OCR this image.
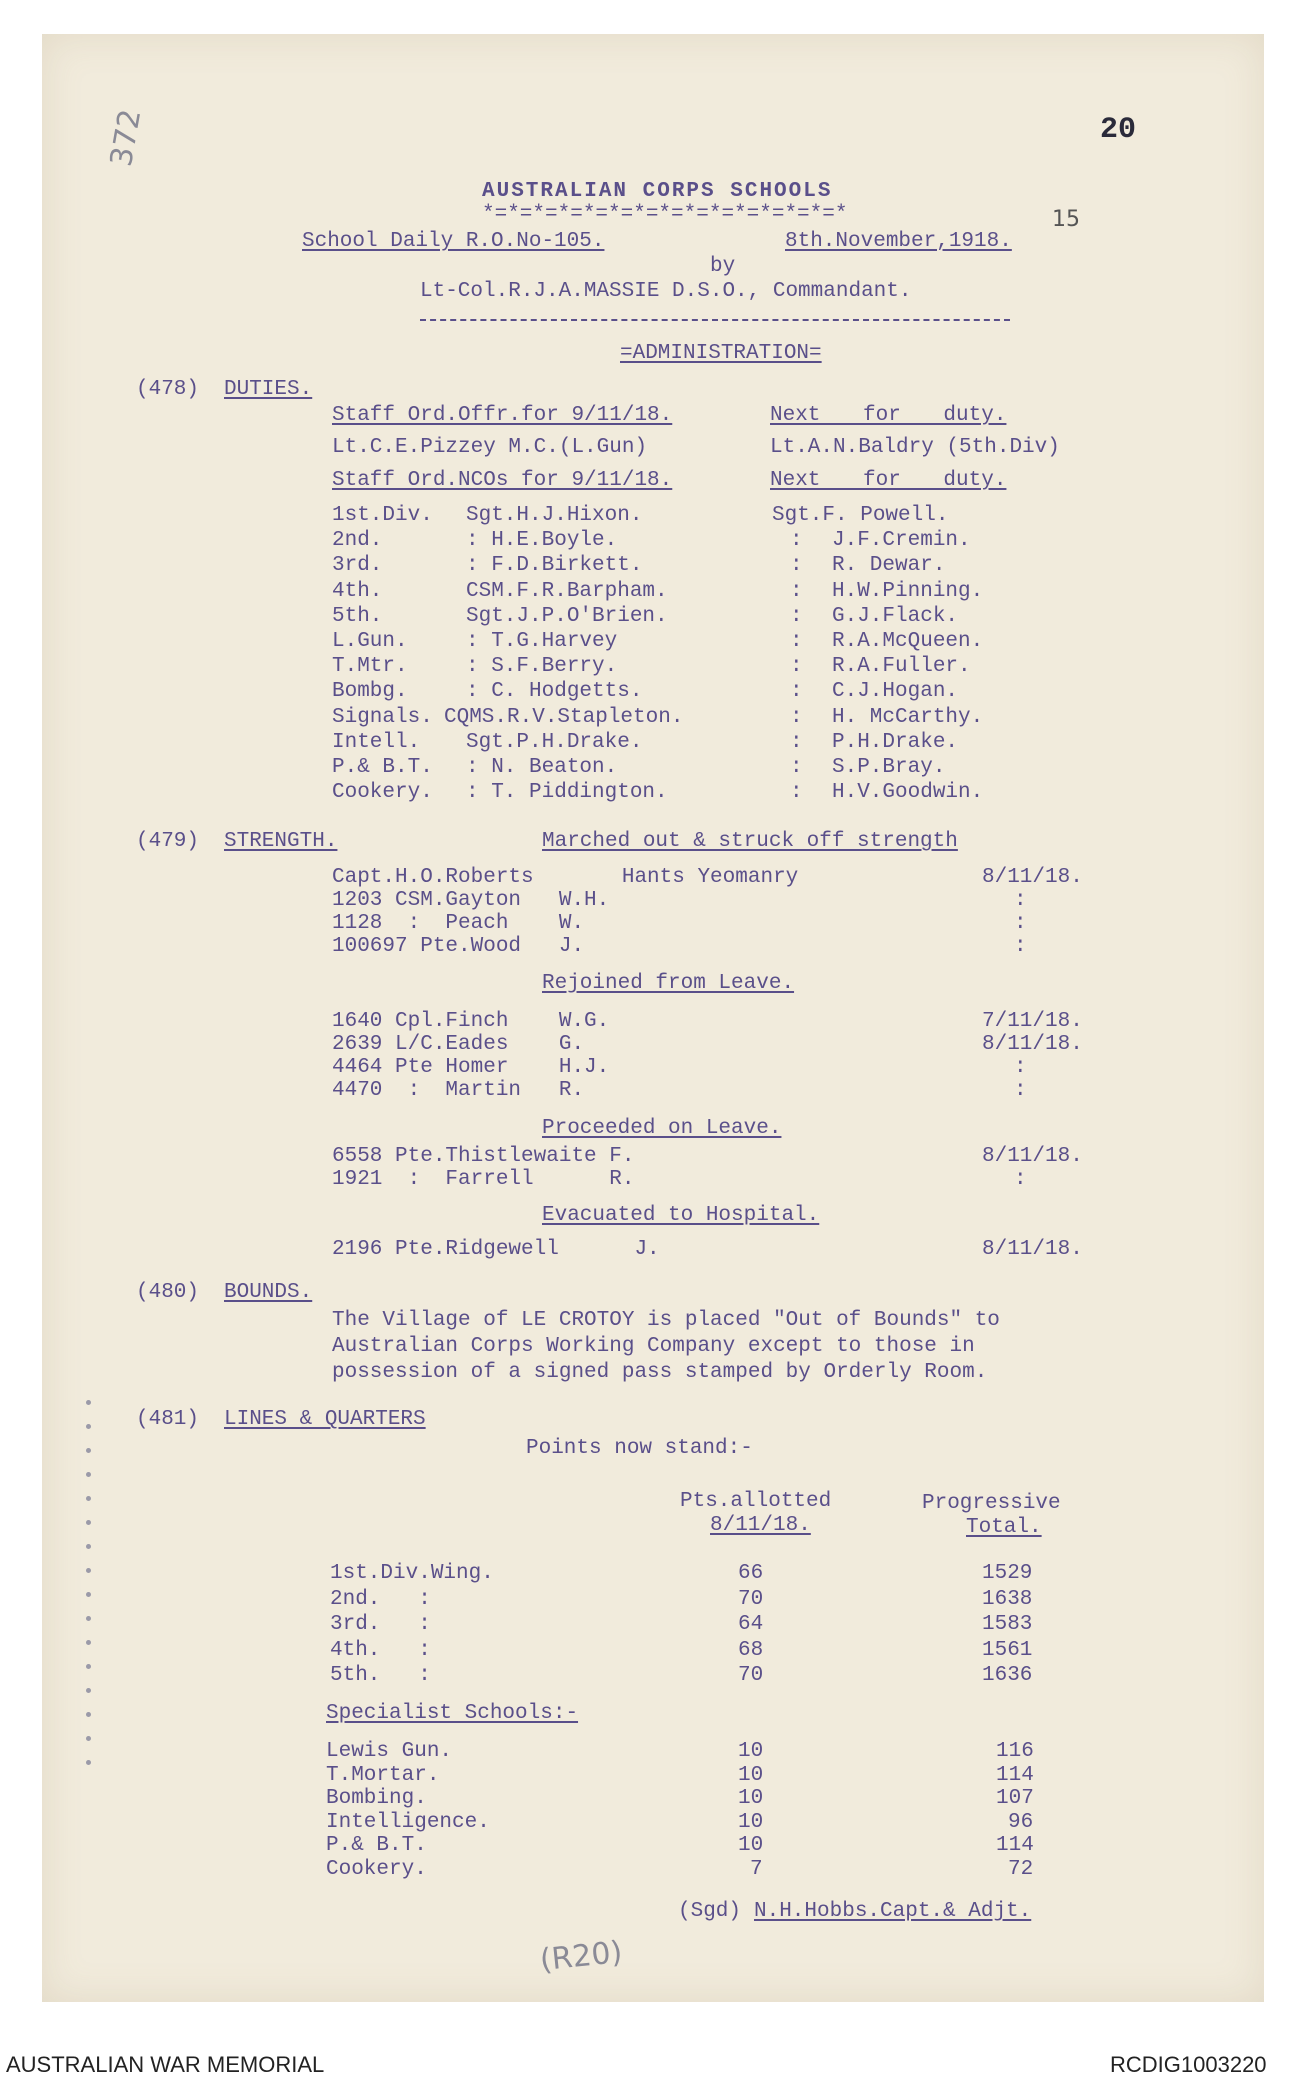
372	20
15
AUSTRALIAN CORPS SCHOOLS
*=*=*=*=*=*=*=*=*=*=*=*=*=*=*
School Daily R.O.No-105.	8th.November,1918.
by
Lt-Col.R.J.A.MASSIE D.S.O., Commandant.
=ADMINISTRATION=
(478) DUTIES.
Staff Ord.Offr.for 9/11/18.	Next for duty.
Lt.C.E.Pizzey M.C.(L.Gun)	Lt.A.N.Baldry (5th.Div)
Staff Ord.NCOs for 9/11/18.	Next for duty.
1st.Div. Sgt.H.J.Hixon.	Sgt.F. Powell.
2nd.	: H.E.Boyle.	: J.F.Cremin.
3rd.	: F.D.Birkett.	: R. Dewar.
4th.	CSM.F.R.Barpham.	: H.W.Pinning.
5th.	Sgt.J.P.O'Brien.	: G.J.Flack.
L.Gun.	: T.G.Harvey	: R.A.McQueen.
T.Mtr.	: S.F.Berry.	: R.A.Fuller.
Bombg.	: C. Hodgetts.	: C.J.Hogan.
Signals. CQMS.R.V.Stapleton.	: H. McCarthy.
Intell. Sgt.P.H.Drake.	: P.H.Drake.
P.& B.T. : N. Beaton.	: S.P.Bray.
Cookery. : T. Piddington.	: H.V.Goodwin.
(479) STRENGTH.	Marched out & struck off strength
Capt.H.O.Roberts       Hants Yeomanry	8/11/18.
1203 CSM.Gayton   W.H.	:
1128  :  Peach    W.	:
100697 Pte.Wood   J.	:
Rejoined from Leave.
1640 Cpl.Finch    W.G.	7/11/18.
2639 L/C.Eades    G.	8/11/18.
4464 Pte Homer    H.J.	:
4470  :  Martin   R.	:
Proceeded on Leave.
6558 Pte.Thistlewaite F.	8/11/18.
1921  :  Farrell      R.	:
Evacuated to Hospital.
2196 Pte.Ridgewell      J.	8/11/18.
(480) BOUNDS.
The Village of LE CROTOY is placed "Out of Bounds" to
Australian Corps Working Company except to those in
possession of a signed pass stamped by Orderly Room.
(481) LINES & QUARTERS
Points now stand:-
Pts.allotted
8/11/18.
Progressive
Total.
1st.Div.Wing.	66	1529
2nd.   :	70	1638
3rd.   :	64	1583
4th.   :	68	1561
5th.   :	70	1636
Specialist Schools:-
Lewis Gun.	10	116
T.Mortar.	10	114
Bombing.	10	107
Intelligence.	10	96
P.& B.T.	10	114
Cookery.	7	72
(Sgd) N.H.Hobbs.Capt.& Adjt.
(R20)
AUSTRALIAN WAR MEMORIAL	RCDIG1003220
